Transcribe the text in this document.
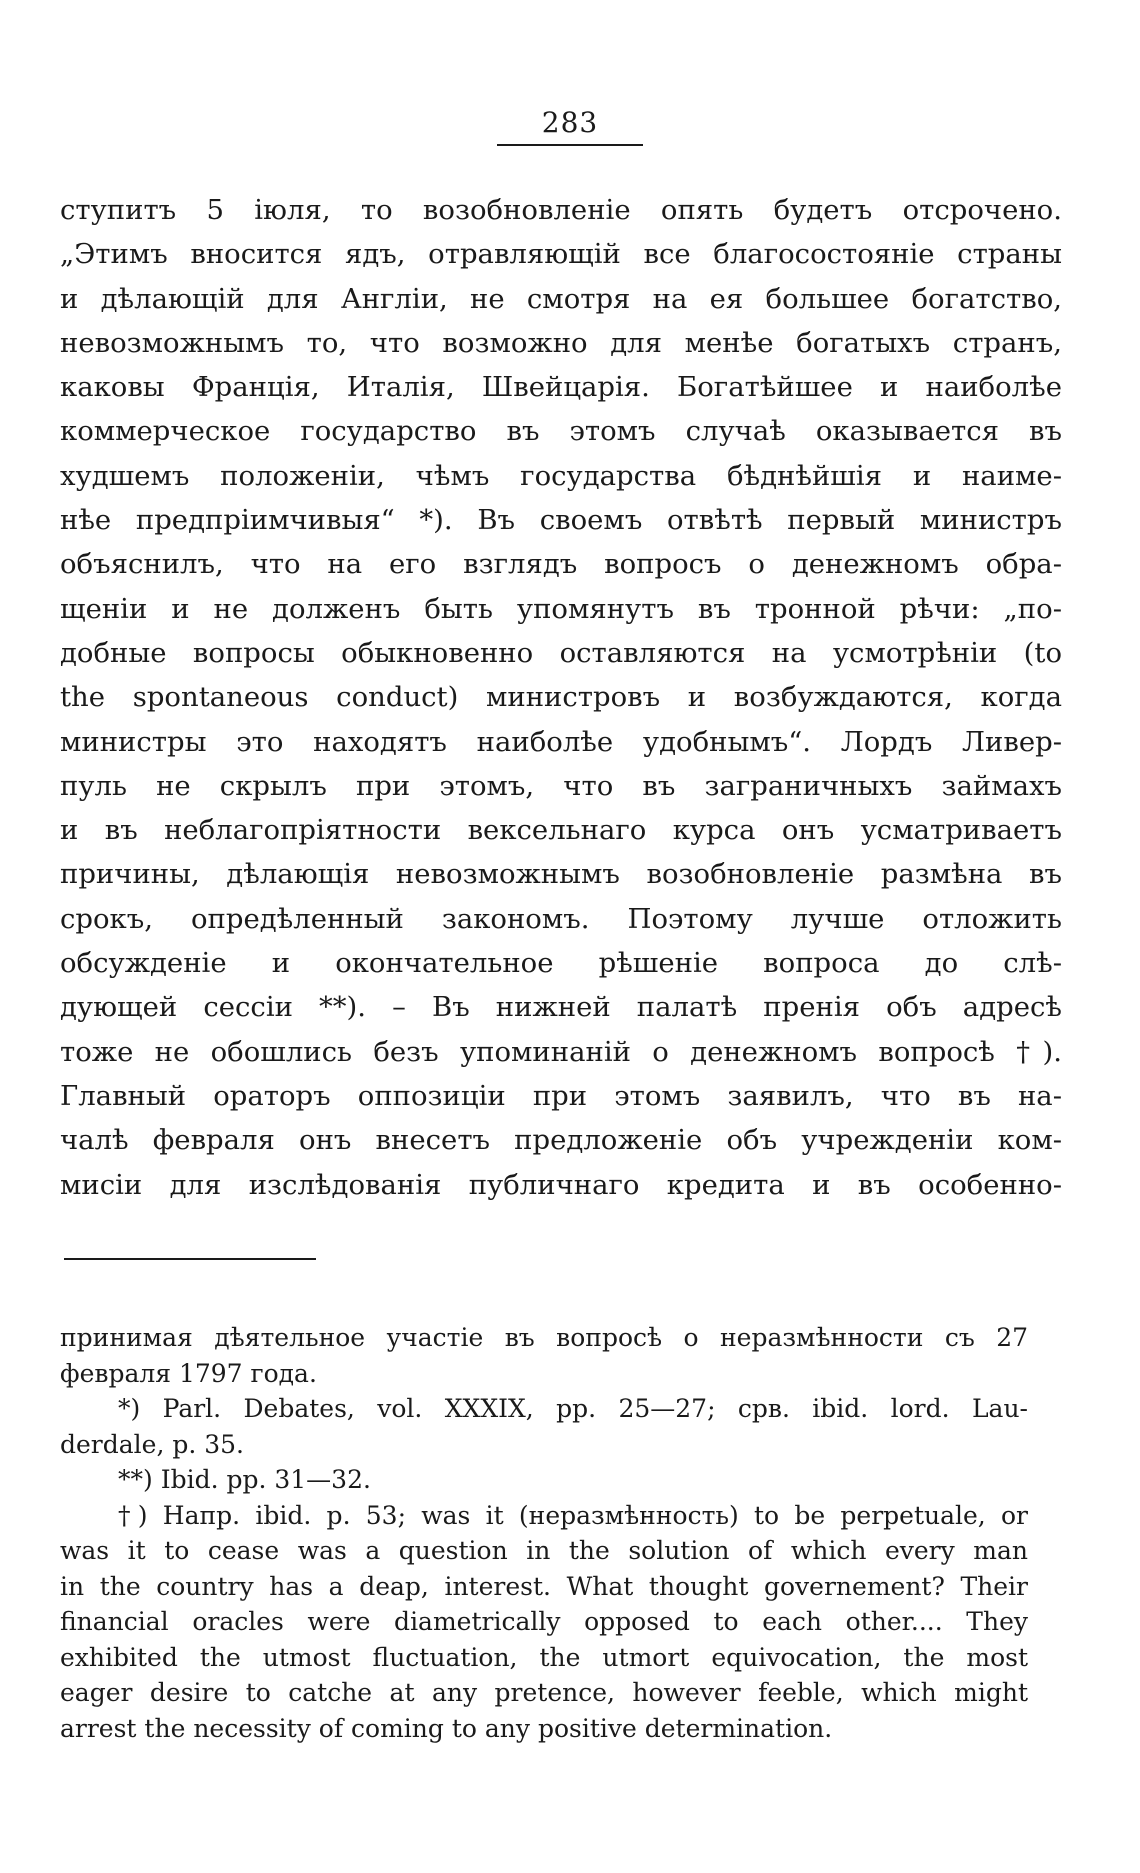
283
ступитъ 5 іюля, то возобновленіе опять будетъ отсрочено.
„Этимъ вносится ядъ, отравляющій все благосостояніе страны
и дѣлающій для Англіи, не смотря на ея большее богатство,
невозможнымъ то, что возможно для менѣе богатыхъ странъ,
каковы Франція, Италія, Швейцарія. Богатѣйшее и наиболѣе
коммерческое государство въ этомъ случаѣ оказывается въ
худшемъ положеніи, чѣмъ государства бѣднѣйшія и наиме-
нѣе предпріимчивыя“ *). Въ своемъ отвѣтѣ первый министръ
объяснилъ, что на его взглядъ вопросъ о денежномъ обра-
щеніи и не долженъ быть упомянутъ въ тронной рѣчи: „по-
добные вопросы обыкновенно оставляются на усмотрѣніи (to
the spontaneous conduct) министровъ и возбуждаются, когда
министры это находятъ наиболѣе удобнымъ“. Лордъ Ливер-
пуль не скрылъ при этомъ, что въ заграничныхъ займахъ
и въ неблагопріятности вексельнаго курса онъ усматриваетъ
причины, дѣлающія невозможнымъ возобновленіе размѣна въ
срокъ, опредѣленный закономъ. Поэтому лучше отложить
обсужденіе и окончательное рѣшеніе вопроса до слѣ-
дующей сессіи **). – Въ нижней палатѣ пренія объ адресѣ
тоже не обошлись безъ упоминаній о денежномъ вопросѣ †).
Главный ораторъ оппозиціи при этомъ заявилъ, что въ на-
чалѣ февраля онъ внесетъ предложеніе объ учрежденіи ком-
мисіи для изслѣдованія публичнаго кредита и въ особенно-
принимая дѣятельное участіе въ вопросѣ о неразмѣнности съ 27
февраля 1797 года.
*) Parl. Debates, vol. XXXIX, pp. 25—27; срв. ibid. lord. Lau-
derdale, p. 35.
**) Ibid. pp. 31—32.
†) Напр. ibid. p. 53; was it (неразмѣнность) to be perpetuale, or
was it to cease was a question in the solution of which every man
in the country has a deap, interest. What thought governement? Their
financial oracles were diametrically opposed to each other.... They
exhibited the utmost fluctuation, the utmort equivocation, the most
eager desire to catche at any pretence, however feeble, which might
arrest the necessity of coming to any positive determination.
